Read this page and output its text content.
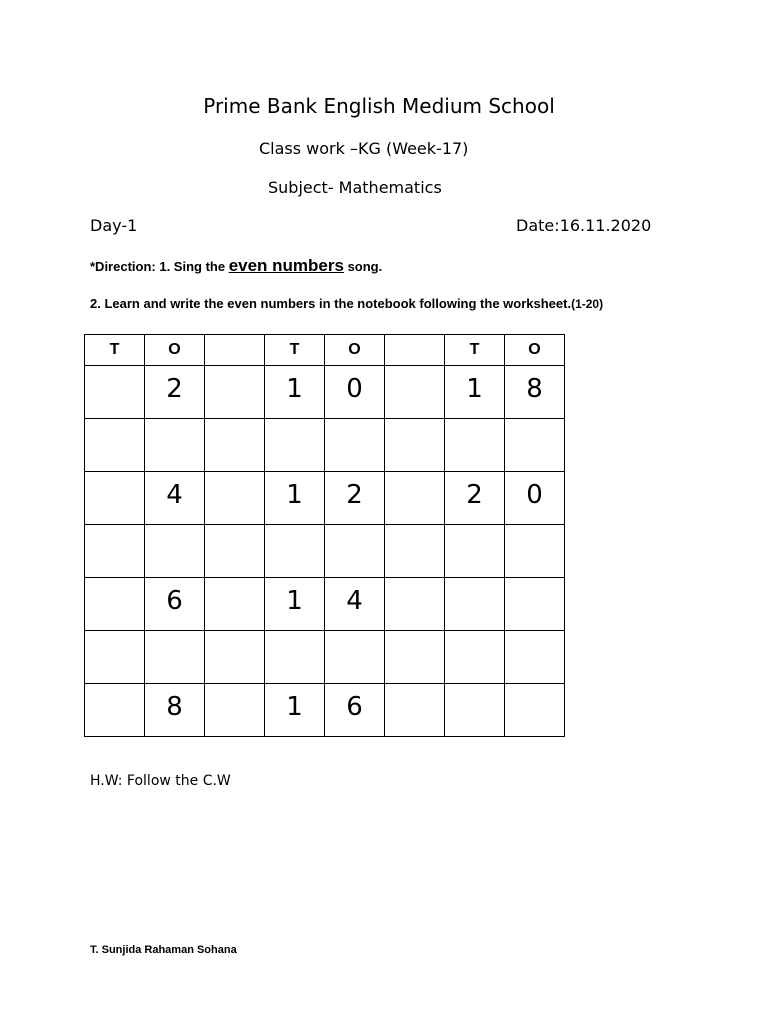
Prime Bank English Medium School
Class work –KG (Week-17)
Subject- Mathematics
Day-1	Date:16.11.2020
*Direction: 1. Sing the even numbers song.
2. Learn and write the even numbers in the notebook following the worksheet.(1-20)
T	O		T	O		T	O
	2		1	0		1	8

	4		1	2		2	0

	6		1	4			

	8		1	6			
H.W: Follow the C.W
T. Sunjida Rahaman Sohana
